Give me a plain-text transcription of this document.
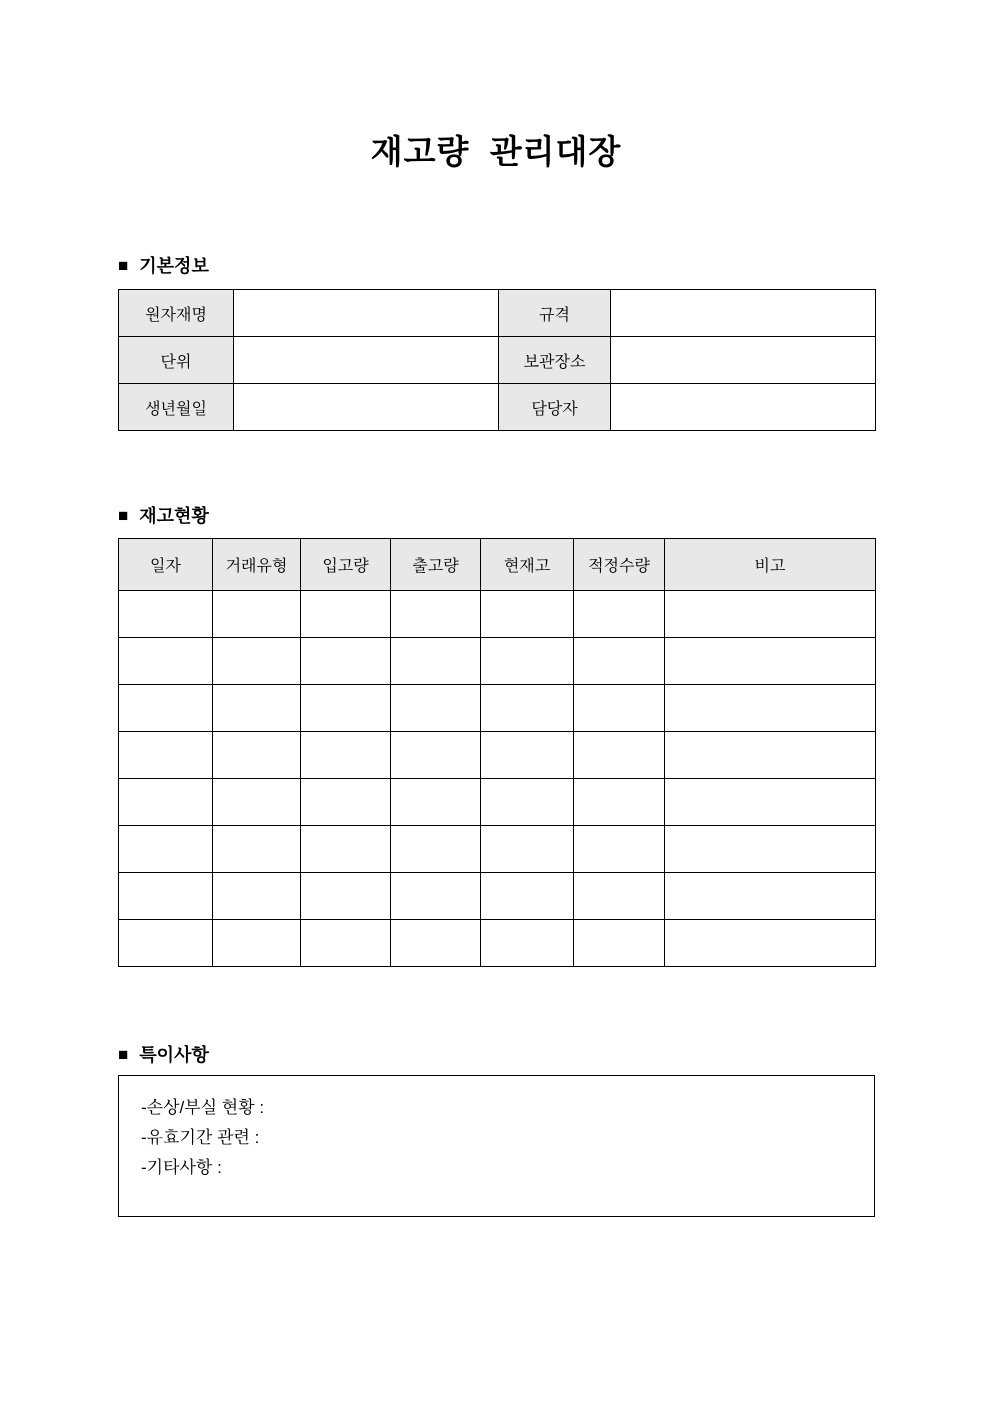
재고량  관리대장
■ 기본정보
원자재명		규격	
단위		보관장소	
생년월일		담당자	
■ 재고현황
일자	거래유형	입고량	출고량	현재고	적정수량	비고

■ 특이사항
-손상/부실 현황 :
-유효기간 관련 :
-기타사항 :
